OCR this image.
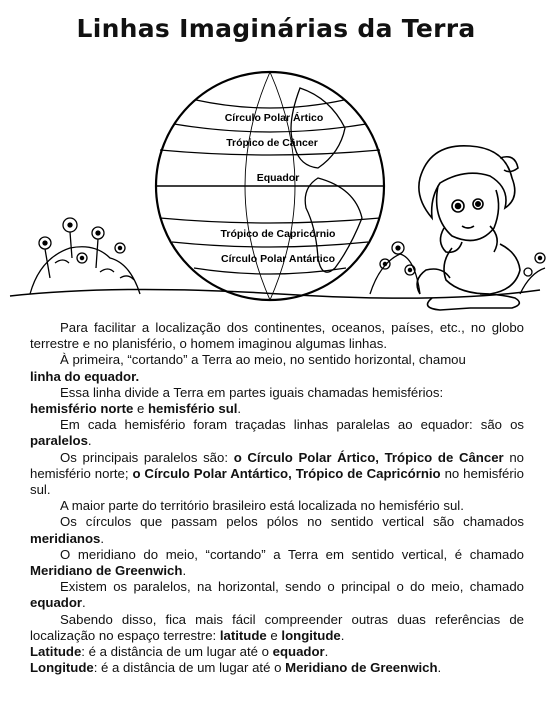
Linhas Imaginárias da Terra
Círculo Polar Ártico
Trópico de Câncer
Equador
Trópico de Capricórnio
Círculo Polar Antártico

Para facilitar a localização dos continentes, oceanos, países, etc., no globo terrestre e no planisfério, o homem imaginou algumas linhas.

À primeira, “cortando” a Terra ao meio, no sentido horizontal, chamou

linha do equador.

Essa linha divide a Terra em partes iguais chamadas hemisférios:

hemisfério norte e hemisfério sul.

Em cada hemisfério foram traçadas linhas paralelas ao equador: são os paralelos.

Os principais paralelos são: o Círculo Polar Ártico, Trópico de Câncer no hemisfério norte; o Círculo Polar Antártico, Trópico de Capricórnio no hemisfério sul.

A maior parte do território brasileiro está localizada no hemisfério sul.

Os círculos que passam pelos pólos no sentido vertical são chamados meridianos.

O meridiano do meio, “cortando” a Terra em sentido vertical, é chamado Meridiano de Greenwich.

Existem os paralelos, na horizontal, sendo o principal o do meio, chamado equador.

Sabendo disso, fica mais fácil compreender outras duas referências de localização no espaço terrestre: latitude e longitude.

Latitude: é a distância de um lugar até o equador.

Longitude: é a distância de um lugar até o Meridiano de Greenwich.
